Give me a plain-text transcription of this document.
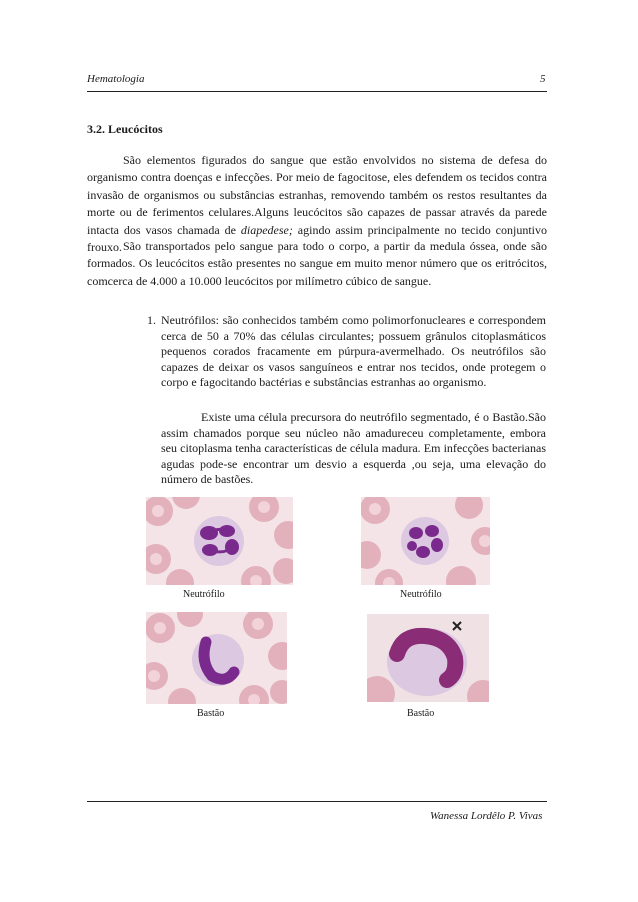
Hematologia	5
3.2. Leucócitos

São elementos figurados do sangue que estão envolvidos no sistema de defesa do organismo contra doenças e infecções. Por meio de fagocitose, eles defendem os tecidos contra invasão de organismos ou substâncias estranhas, removendo também os restos resultantes da morte ou de ferimentos celulares.Alguns leucócitos são capazes de passar através da parede intacta dos vasos chamada de diapedese; agindo assim principalmente no tecido conjuntivo frouxo. São transportados pelo sangue para todo o corpo, a partir da medula óssea, onde são formados. Os leucócitos estão presentes no sangue em muito menor número que os eritrócitos, comcerca de 4.000 a 10.000 leucócitos por milímetro cúbico de sangue.

1. Neutrófilos: são conhecidos também como polimorfonucleares e correspondem cerca de 50 a 70% das células circulantes; possuem grânulos citoplasmáticos pequenos corados fracamente em púrpura-avermelhado. Os neutrófilos são capazes de deixar os vasos sanguíneos e entrar nos tecidos, onde protegem o corpo e fagocitando bactérias e substâncias estranhas ao organismo.

Existe uma célula precursora do neutrófilo segmentado, é o Bastão.São assim chamados porque seu núcleo não amadureceu completamente, embora seu citoplasma tenha características de célula madura. Em infecções bacterianas agudas pode-se encontrar um desvio a esquerda ,ou seja, uma elevação do número de bastões.

Neutrófilo	Neutrófilo
Bastão	Bastão
Wanessa Lordêlo P. Vivas
